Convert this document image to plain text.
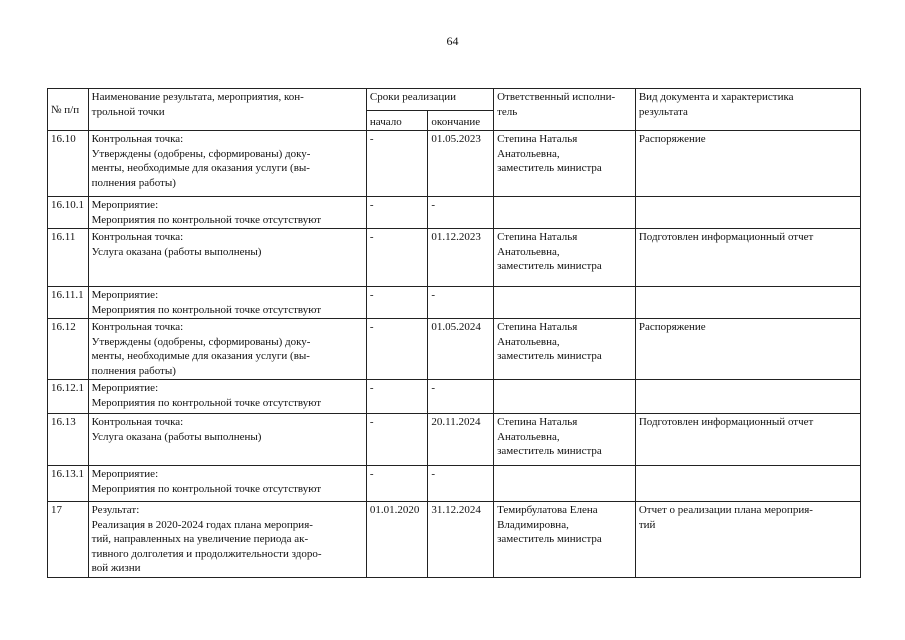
64
№ п/п	Наименование результата, мероприятия, кон-
трольной точки	Сроки реализации		Ответственный исполни-
тель	Вид документа и характеристика
результата
		начало	окончание		
16.10	Контрольная точка:
Утверждены (одобрены, сформированы) доку-
менты, необходимые для оказания услуги (вы-
полнения работы)	-	01.05.2023	Степина Наталья
Анатольевна,
заместитель министра	Распоряжение
16.10.1	Мероприятие:
Мероприятия по контрольной точке отсутствуют	-	-		
16.11	Контрольная точка:
Услуга оказана (работы выполнены)	-	01.12.2023	Степина Наталья
Анатольевна,
заместитель министра	Подготовлен информационный отчет
16.11.1	Мероприятие:
Мероприятия по контрольной точке отсутствуют	-	-		
16.12	Контрольная точка:
Утверждены (одобрены, сформированы) доку-
менты, необходимые для оказания услуги (вы-
полнения работы)	-	01.05.2024	Степина Наталья
Анатольевна,
заместитель министра	Распоряжение
16.12.1	Мероприятие:
Мероприятия по контрольной точке отсутствуют	-	-		
16.13	Контрольная точка:
Услуга оказана (работы выполнены)	-	20.11.2024	Степина Наталья
Анатольевна,
заместитель министра	Подготовлен информационный отчет
16.13.1	Мероприятие:
Мероприятия по контрольной точке отсутствуют	-	-		
17	Результат:
Реализация в 2020-2024 годах плана мероприя-
тий, направленных на увеличение периода ак-
тивного долголетия и продолжительности здоро-
вой жизни	01.01.2020	31.12.2024	Темирбулатова Елена
Владимировна,
заместитель министра	Отчет о реализации плана мероприя-
тий
